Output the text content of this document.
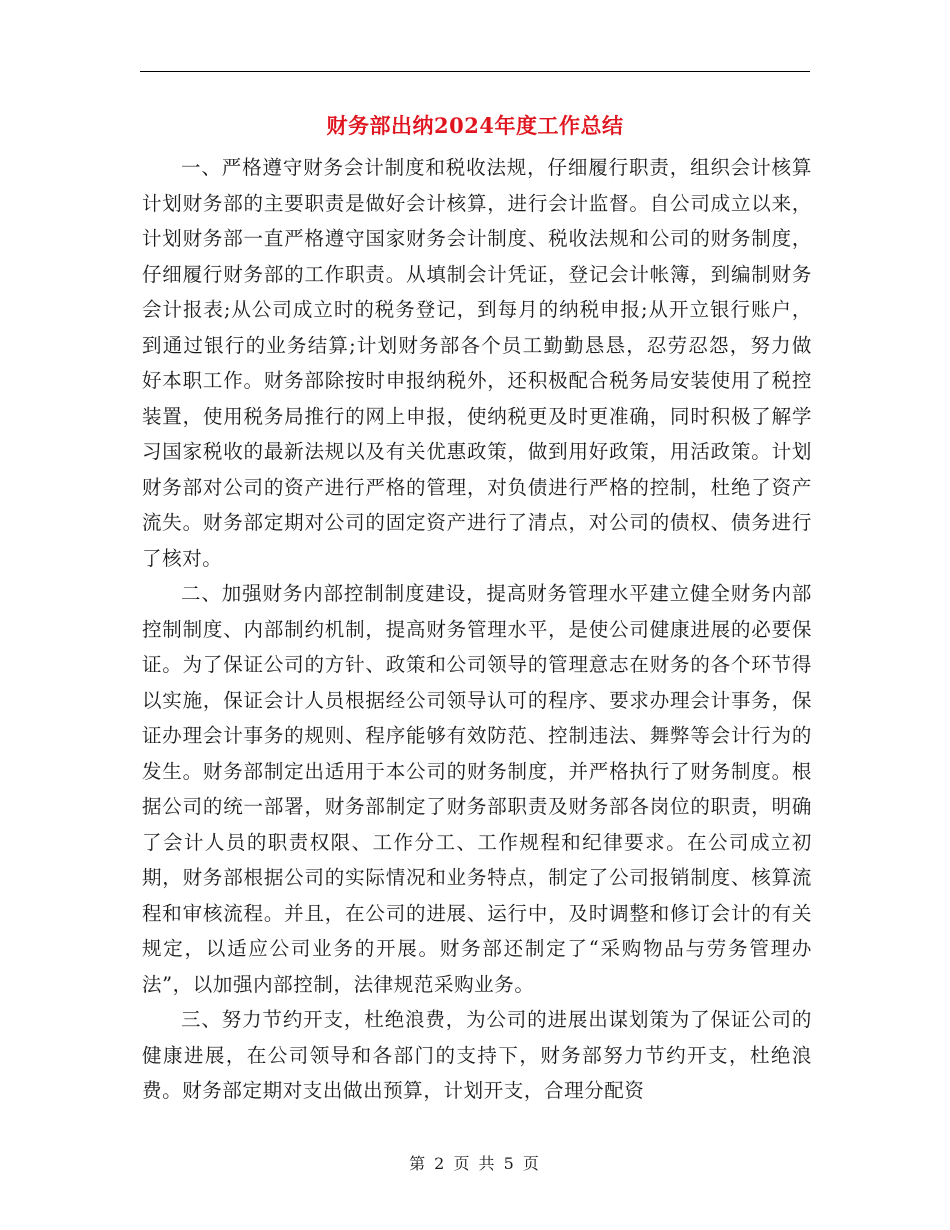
财务部出纳2024年度工作总结

一、严格遵守财务会计制度和税收法规，仔细履行职责，组织会计核算计划财务部的主要职责是做好会计核算，进行会计监督。自公司成立以来，计划财务部一直严格遵守国家财务会计制度、税收法规和公司的财务制度，仔细履行财务部的工作职责。从填制会计凭证，登记会计帐簿，到编制财务会计报表;从公司成立时的税务登记，到每月的纳税申报;从开立银行账户，到通过银行的业务结算;计划财务部各个员工勤勤恳恳，忍劳忍怨，努力做好本职工作。财务部除按时申报纳税外，还积极配合税务局安装使用了税控装置，使用税务局推行的网上申报，使纳税更及时更准确，同时积极了解学习国家税收的最新法规以及有关优惠政策，做到用好政策，用活政策。计划财务部对公司的资产进行严格的管理，对负债进行严格的控制，杜绝了资产流失。财务部定期对公司的固定资产进行了清点，对公司的债权、债务进行了核对。

二、加强财务内部控制制度建设，提高财务管理水平建立健全财务内部控制制度、内部制约机制，提高财务管理水平，是使公司健康进展的必要保证。为了保证公司的方针、政策和公司领导的管理意志在财务的各个环节得以实施，保证会计人员根据经公司领导认可的程序、要求办理会计事务，保证办理会计事务的规则、程序能够有效防范、控制违法、舞弊等会计行为的发生。财务部制定出适用于本公司的财务制度，并严格执行了财务制度。根据公司的统一部署，财务部制定了财务部职责及财务部各岗位的职责，明确了会计人员的职责权限、工作分工、工作规程和纪律要求。在公司成立初期，财务部根据公司的实际情况和业务特点，制定了公司报销制度、核算流程和审核流程。并且，在公司的进展、运行中，及时调整和修订会计的有关规定，以适应公司业务的开展。财务部还制定了“采购物品与劳务管理办法”，以加强内部控制，法律规范采购业务。

三、努力节约开支，杜绝浪费，为公司的进展出谋划策为了保证公司的健康进展，在公司领导和各部门的支持下，财务部努力节约开支，杜绝浪费。财务部定期对支出做出预算，计划开支，合理分配资

第 2 页 共 5 页
